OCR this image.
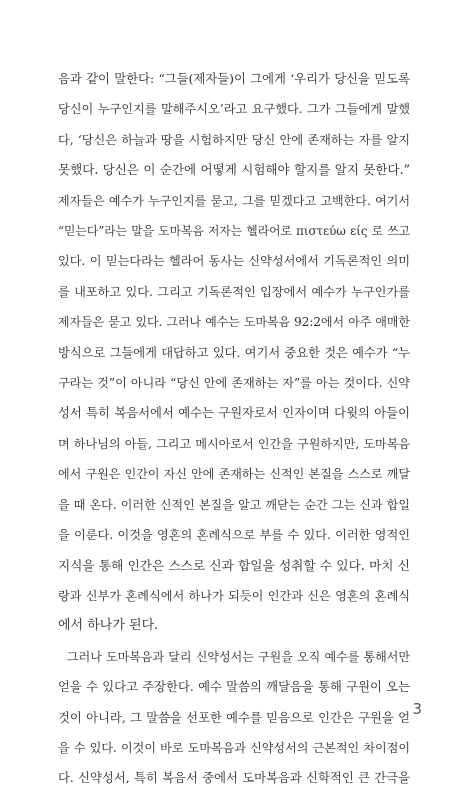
음과 같이 말한다: “그들(제자들)이 그에게 ‘우리가 당신을 믿도록
당신이 누구인지를 말해주시오’라고 요구했다. 그가 그들에게 말했
다, ‘당신은 하늘과 땅을 시험하지만 당신 안에 존재하는 자를 알지
못했다. 당신은 이 순간에 어떻게 시험해야 할지를 알지 못한다.”
제자들은 예수가 누구인지를 묻고, 그를 믿겠다고 고백한다. 여기서
“믿는다”라는 말을 도마복음 저자는 헬라어로 πιστεύω είς 로 쓰고
있다. 이 믿는다라는 헬라어 동사는 신약성서에서 기독론적인 의미
를 내포하고 있다. 그리고 기독론적인 입장에서 예수가 누구인가를
제자들은 묻고 있다. 그러나 예수는 도마복음 92:2에서 아주 애매한
방식으로 그들에게 대답하고 있다. 여기서 중요한 것은 예수가 “누
구라는 것”이 아니라 “당신 안에 존재하는 자”를 아는 것이다. 신약
성서 특히 복음서에서 예수는 구원자로서 인자이며 다윗의 아들이
며 하나님의 아들, 그리고 메시아로서 인간을 구원하지만, 도마복음
에서 구원은 인간이 자신 안에 존재하는 신적인 본질을 스스로 깨달
을 때 온다. 이러한 신적인 본질을 알고 깨닫는 순간 그는 신과 합일
을 이룬다. 이것을 영혼의 혼례식으로 부를 수 있다. 이러한 영적인
지식을 통해 인간은 스스로 신과 합일을 성취할 수 있다. 마치 신
랑과 신부가 혼례식에서 하나가 되듯이 인간과 신은 영혼의 혼례식
에서 하나가 된다.

그러나 도마복음과 달리 신약성서는 구원을 오직 예수를 통해서만
얻을 수 있다고 주장한다. 예수 말씀의 깨달음을 통해 구원이 오는
것이 아니라, 그 말씀을 선포한 예수를 믿음으로 인간은 구원을 얻
을 수 있다. 이것이 바로 도마복음과 신약성서의 근본적인 차이점이
다. 신약성서, 특히 복음서 중에서 도마복음과 신학적인 큰 간극을

3
